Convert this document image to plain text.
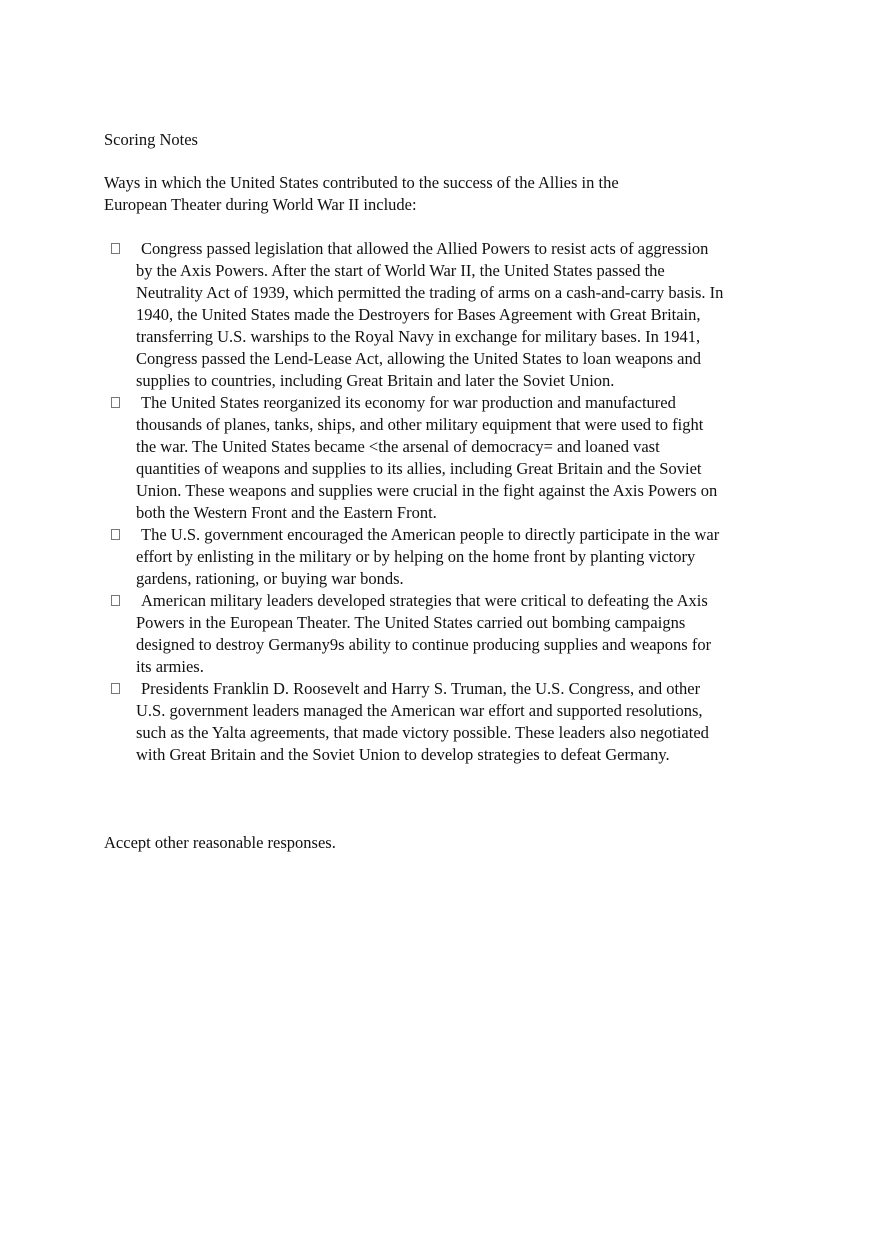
Scoring Notes

Ways in which the United States contributed to the success of the Allies in the European Theater during World War II include:

Congress passed legislation that allowed the Allied Powers to resist acts of aggression by the Axis Powers. After the start of World War II, the United States passed the Neutrality Act of 1939, which permitted the trading of arms on a cash-and-carry basis. In 1940, the United States made the Destroyers for Bases Agreement with Great Britain, transferring U.S. warships to the Royal Navy in exchange for military bases. In 1941, Congress passed the Lend-Lease Act, allowing the United States to loan weapons and supplies to countries, including Great Britain and later the Soviet Union.
The United States reorganized its economy for war production and manufactured thousands of planes, tanks, ships, and other military equipment that were used to fight the war. The United States became <the arsenal of democracy= and loaned vast quantities of weapons and supplies to its allies, including Great Britain and the Soviet Union. These weapons and supplies were crucial in the fight against the Axis Powers on both the Western Front and the Eastern Front.
The U.S. government encouraged the American people to directly participate in the war effort by enlisting in the military or by helping on the home front by planting victory gardens, rationing, or buying war bonds.
American military leaders developed strategies that were critical to defeating the Axis Powers in the European Theater. The United States carried out bombing campaigns designed to destroy Germany9s ability to continue producing supplies and weapons for its armies.
Presidents Franklin D. Roosevelt and Harry S. Truman, the U.S. Congress, and other U.S. government leaders managed the American war effort and supported resolutions, such as the Yalta agreements, that made victory possible. These leaders also negotiated with Great Britain and the Soviet Union to develop strategies to defeat Germany.

Accept other reasonable responses.
